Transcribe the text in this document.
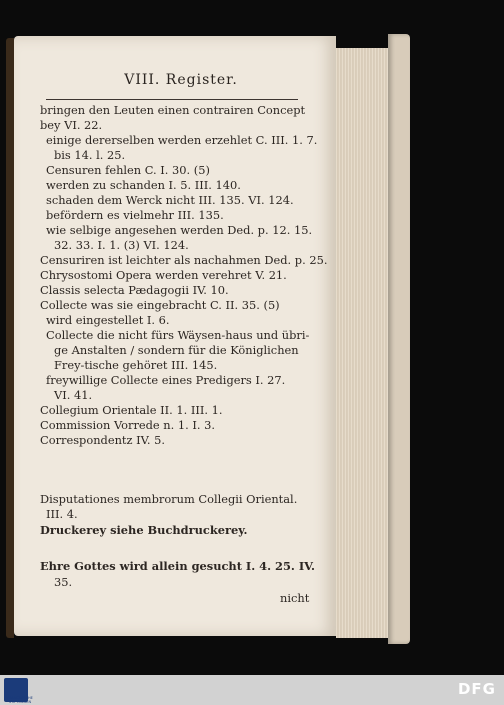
VIII. Register.
bringen den Leuten einen contrairen Concept
bey VI. 22.
einige dererselben werden erzehlet C. III. 1. 7.
bis 14. l. 25.
Censuren fehlen C. I. 30. (5)
werden zu schanden I. 5. III. 140.
schaden dem Werck nicht III. 135. VI. 124.
befördern es vielmehr III. 135.
wie selbige angesehen werden Ded. p. 12. 15.
32. 33. I. 1. (3) VI. 124.
Censuriren ist leichter als nachahmen Ded. p. 25.
Chrysostomi Opera werden verehret V. 21.
Classis selecta Pædagogii IV. 10.
Collecte was sie eingebracht C. II. 35. (5)
wird eingestellet I. 6.
Collecte die nicht fürs Wäysen-haus und übri-
ge Anstalten / sondern für die Königlichen
Frey-tische gehöret III. 145.
freywillige Collecte eines Predigers I. 27.
VI. 41.
Collegium Orientale II. 1. III. 1.
Commission Vorrede n. 1. I. 3.
Correspondentz IV. 5.
Disputationes membrorum Collegii Oriental.
III. 4.
Druckerey siehe Buchdruckerey.
Ehre Gottes wird allein gesucht I. 4. 25. IV.
35.
nicht
FRANCKESCHE STIFTUNGEN
DFG
